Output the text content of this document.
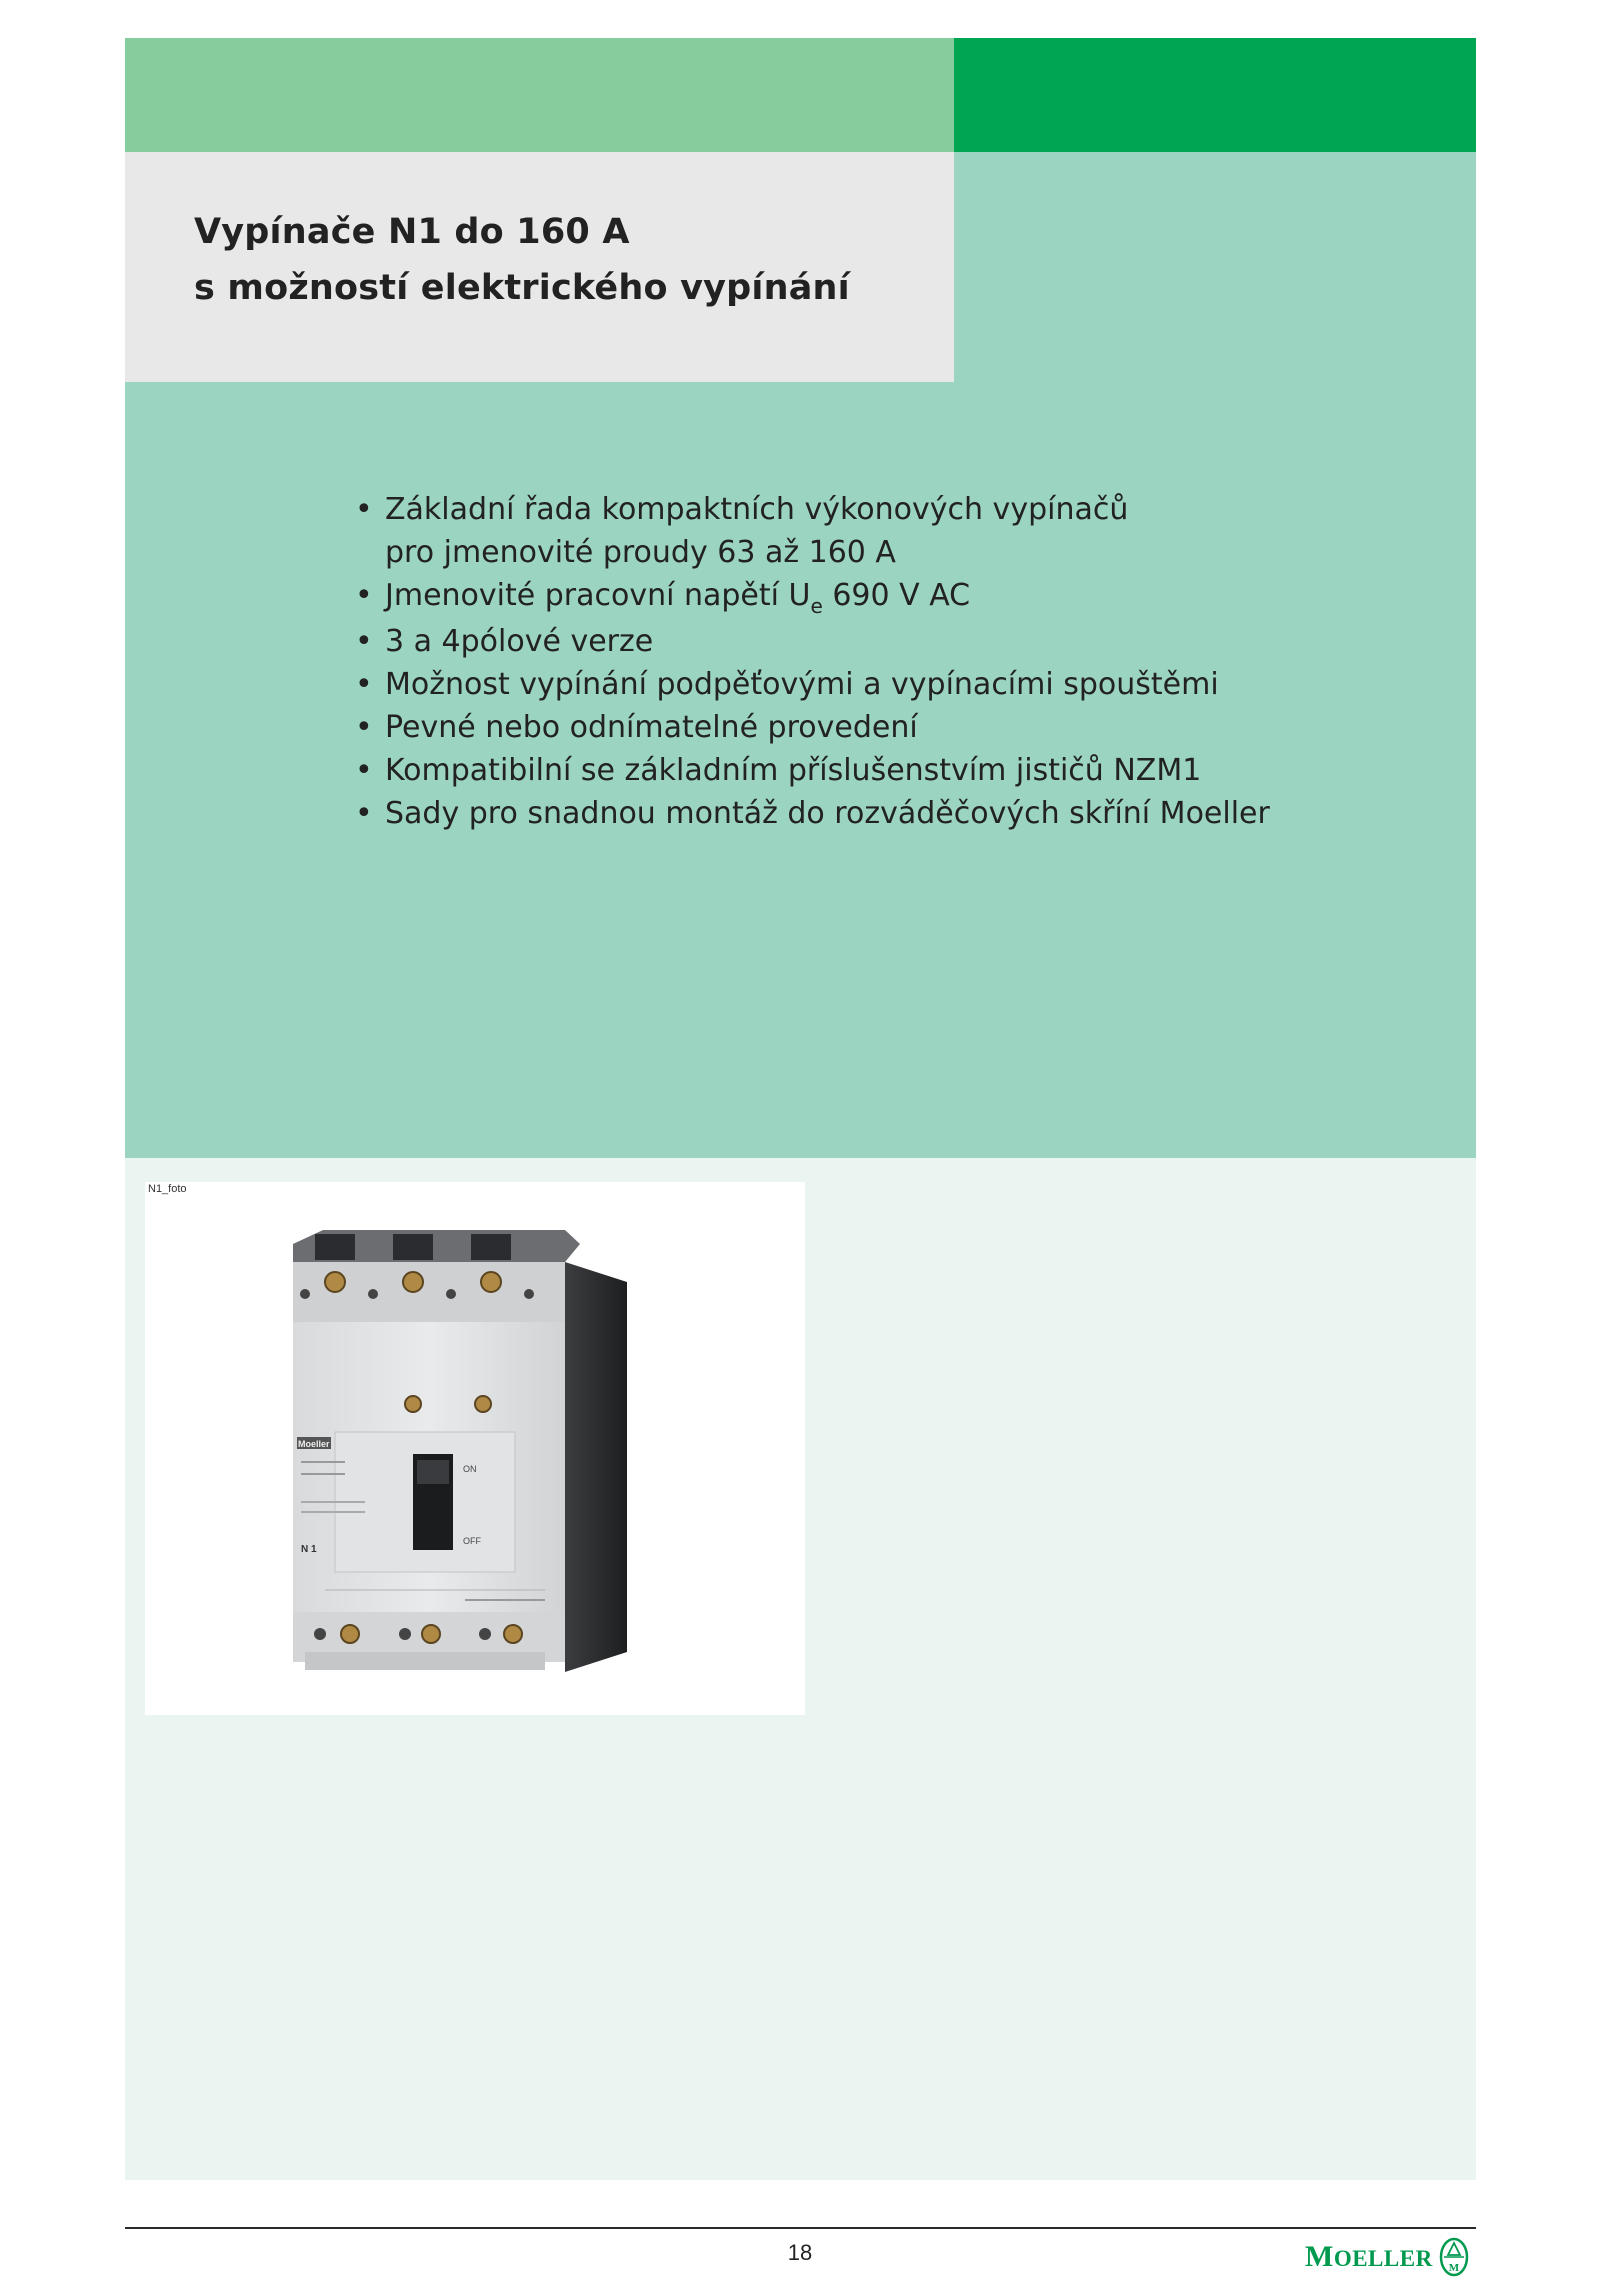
Vypínače N1 do 160 A
s možností elektrického vypínání
• Základní řada kompaktních výkonových vypínačů
pro jmenovité proudy 63 až 160 A
• Jmenovité pracovní napětí $U_e$ 690 V AC
• 3 a 4pólové verze
• Možnost vypínání podpěťovými a vypínacími spouštěmi
• Pevné nebo odnímatelné provedení
• Kompatibilní se základním příslušenstvím jističů NZM1
• Sady pro snadnou montáž do rozváděčových skříní Moeller
N1_foto
Moeller
N 1
ON
OFF
18	MOELLER M
